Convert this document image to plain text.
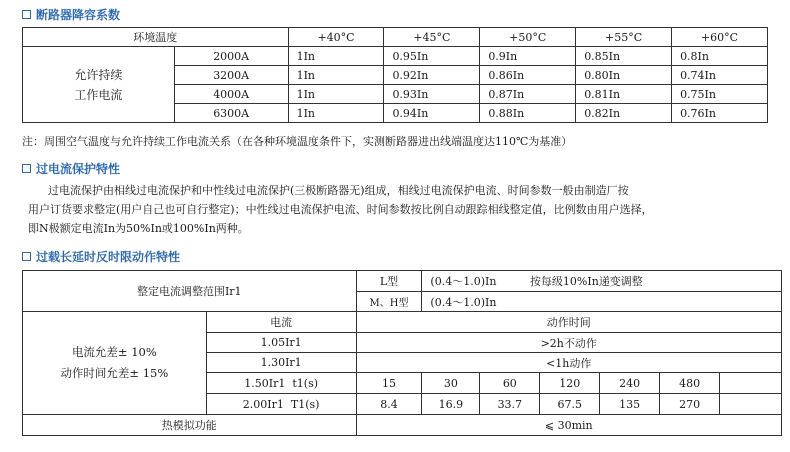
断路器降容系数
环境温度		+40°C	+45°C	+50°C	+55°C	+60°C

允许持续
工作电流	2000A	1In	0.95In	0.9In	0.85In	0.8In
	3200A	1In	0.92In	0.86In	0.80In	0.74In
	4000A	1In	0.93In	0.87In	0.81In	0.75In
	6300A	1In	0.94In	0.88In	0.82In	0.76In
注：周围空气温度与允许持续工作电流关系（在各种环境温度条件下，实测断路器进出线端温度达110℃为基准）
过电流保护特性

过电流保护由相线过电流保护和中性线过电流保护(三极断路器无)组成，相线过电流保护电流、时间参数一般由制造厂按

用户订货要求整定(用户自己也可自行整定)；中性线过电流保护电流、时间参数按比例自动跟踪相线整定值，比例数由用户选择，

即N极额定电流In为50%In或100%In两种。

过载长延时反时限动作特性
整定电流调整范围Ir1		L型	(0.4～1.0)In 按每级10%In递变调整					
		M、H型	(0.4～1.0)In					

电流允差± 10%
动作时间允差± 15%	电流	动作时间						
	1.05Ir1	>2h不动作						
	1.30Ir1	<1h动作						
	1.50Ir1  t1(s)	15	30	60	120	240	480	
	2.00Ir1  T1(s)	8.4	16.9	33.7	67.5	135	270	
热模拟功能		⩽ 30min						
